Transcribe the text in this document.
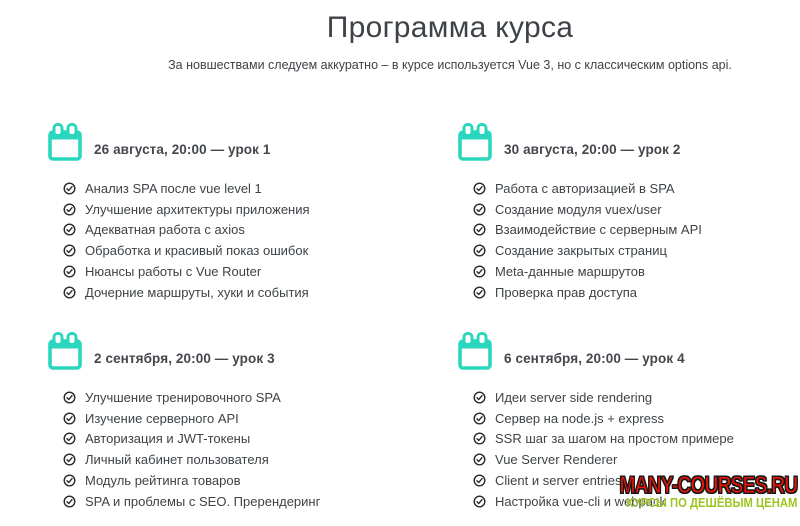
Программа курса

За новшествами следуем аккуратно – в курсе используется Vue 3, но с классическим options api.

26 августа, 20:00 — урок 1
Анализ SPA после vue level 1
Улучшение архитектуры приложения
Адекватная работа с axios
Обработка и красивый показ ошибок
Нюансы работы с Vue Router
Дочерние маршруты, хуки и события
30 августа, 20:00 — урок 2
Работа с авторизацией в SPA
Создание модуля vuex/user
Взаимодействие с серверным API
Создание закрытых страниц
Meta-данные маршрутов
Проверка прав доступа
2 сентября, 20:00 — урок 3
Улучшение тренировочного SPA
Изучение серверного API
Авторизация и JWT-токены
Личный кабинет пользователя
Модуль рейтинга товаров
SPA и проблемы с SEO. Пререндеринг
6 сентября, 20:00 — урок 4
Идеи server side rendering
Сервер на node.js + express
SSR шаг за шагом на простом примере
Vue Server Renderer
Client и server entries
Настройка vue-cli и webpack
MANY-COURSES.RU
КУРСЫ ПО ДЕШЁВЫМ ЦЕНАМ
